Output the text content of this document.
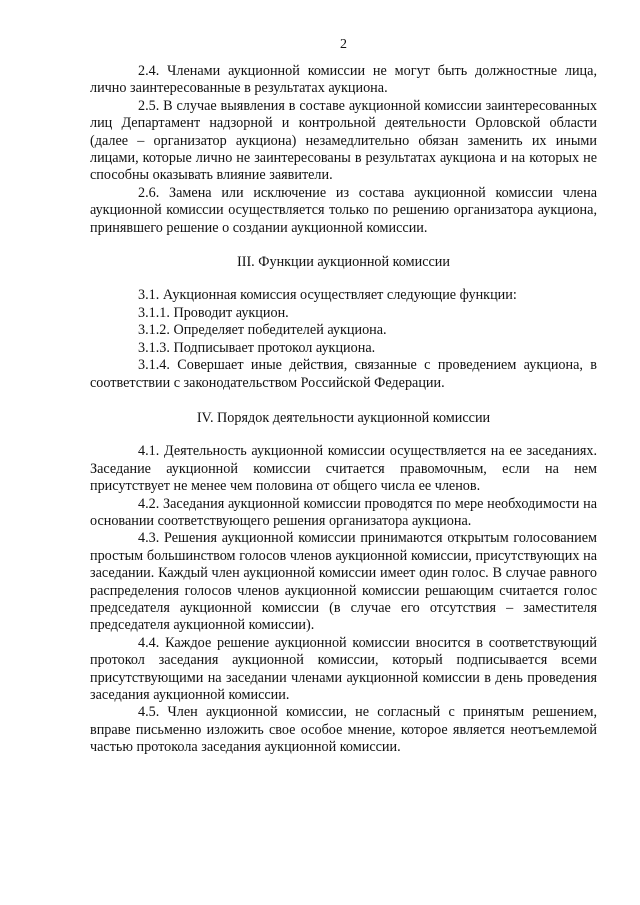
2

2.4. Членами аукционной комиссии не могут быть должностные лица, лично заинтересованные в результатах аукциона.

2.5. В случае выявления в составе аукционной комиссии заинтересованных лиц Департамент надзорной и контрольной деятельности Орловской области (далее – организатор аукциона) незамедлительно обязан заменить их иными лицами, которые лично не заинтересованы в результатах аукциона и на которых не способны оказывать влияние заявители.

2.6. Замена или исключение из состава аукционной комиссии члена аукционной комиссии осуществляется только по решению организатора аукциона, принявшего решение о создании аукционной комиссии.

III. Функции аукционной комиссии

3.1. Аукционная комиссия осуществляет следующие функции:

3.1.1. Проводит аукцион.

3.1.2. Определяет победителей аукциона.

3.1.3. Подписывает протокол аукциона.

3.1.4. Совершает иные действия, связанные с проведением аукциона, в соответствии с законодательством Российской Федерации.

IV. Порядок деятельности аукционной комиссии

4.1. Деятельность аукционной комиссии осуществляется на ее заседаниях. Заседание аукционной комиссии считается правомочным, если на нем присутствует не менее чем половина от общего числа ее членов.

4.2. Заседания аукционной комиссии проводятся по мере необходимости на основании соответствующего решения организатора аукциона.

4.3. Решения аукционной комиссии принимаются открытым голосованием простым большинством голосов членов аукционной комиссии, присутствующих на заседании. Каждый член аукционной комиссии имеет один голос. В случае равного распределения голосов членов аукционной комиссии решающим считается голос председателя аукционной комиссии (в случае его отсутствия – заместителя председателя аукционной комиссии).

4.4. Каждое решение аукционной комиссии вносится в соответствующий протокол заседания аукционной комиссии, который подписывается всеми присутствующими на заседании членами аукционной комиссии в день проведения заседания аукционной комиссии.

4.5. Член аукционной комиссии, не согласный с принятым решением, вправе письменно изложить свое особое мнение, которое является неотъемлемой частью протокола заседания аукционной комиссии.
